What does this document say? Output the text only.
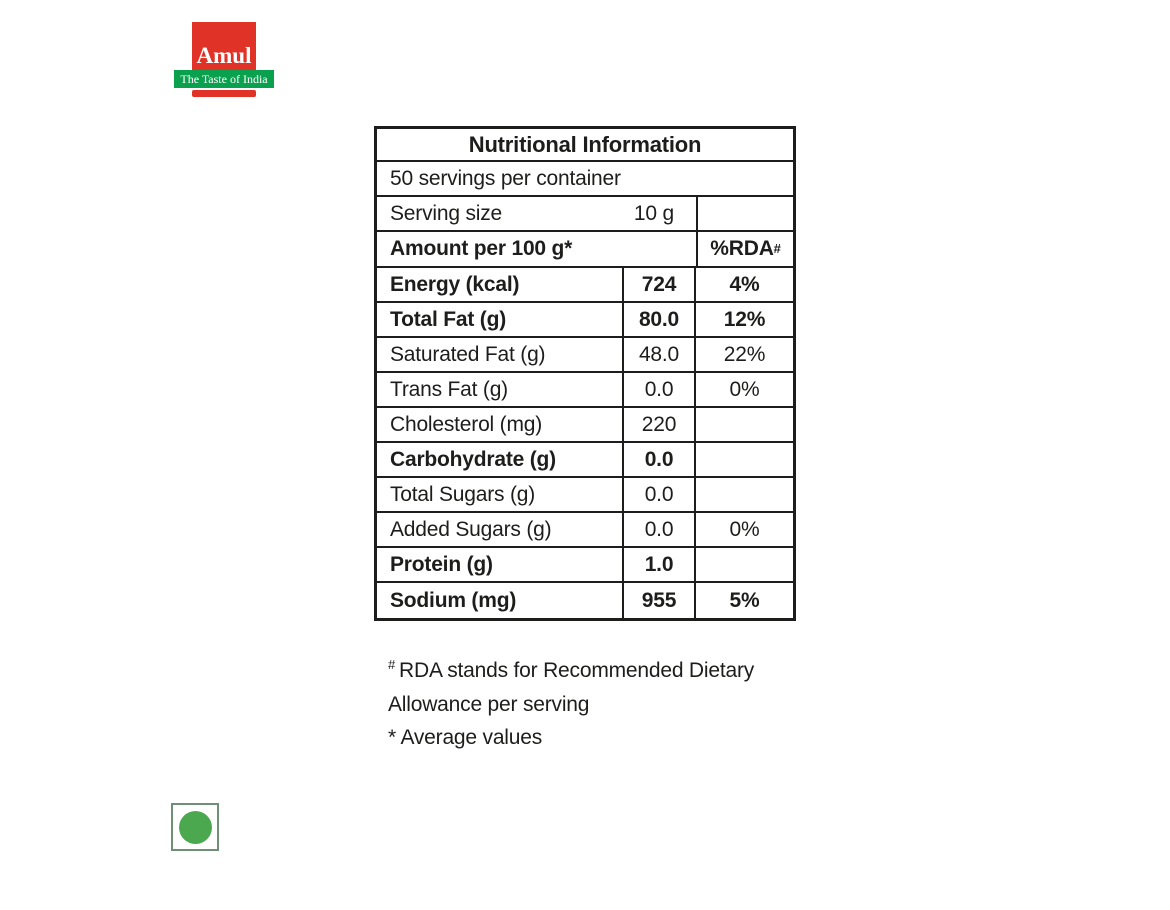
Amul
The Taste of India
Nutritional Information
50 servings per container
Serving size	10 g
Amount per 100 g*	%RDA #
Energy (kcal)	724	4%
Total Fat (g)	80.0	12%
Saturated Fat (g)	48.0	22%
Trans Fat (g)	0.0	0%
Cholesterol (mg)	220
Carbohydrate (g)	0.0
Total Sugars (g)	0.0
Added Sugars (g)	0.0	0%
Protein (g)	1.0
Sodium (mg)	955	5%
# RDA stands for Recommended Dietary
Allowance per serving
* Average values
